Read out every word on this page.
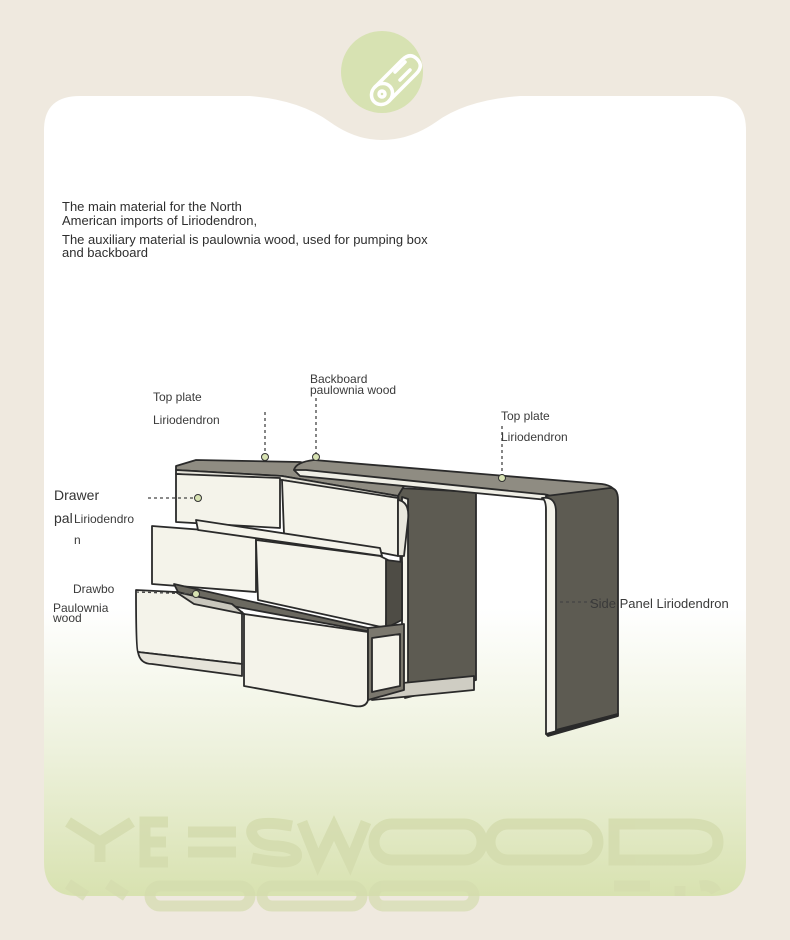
The main material for the North

American imports of Liriodendron,

The auxiliary material is paulownia wood, used for pumping box

and backboard

Top plate

Liriodendron

Backboard

paulownia wood

Top plate

Liriodendron

Drawer

pal Liriodendro

n

Drawbo

Paulownia

wood

Side Panel Liriodendron
